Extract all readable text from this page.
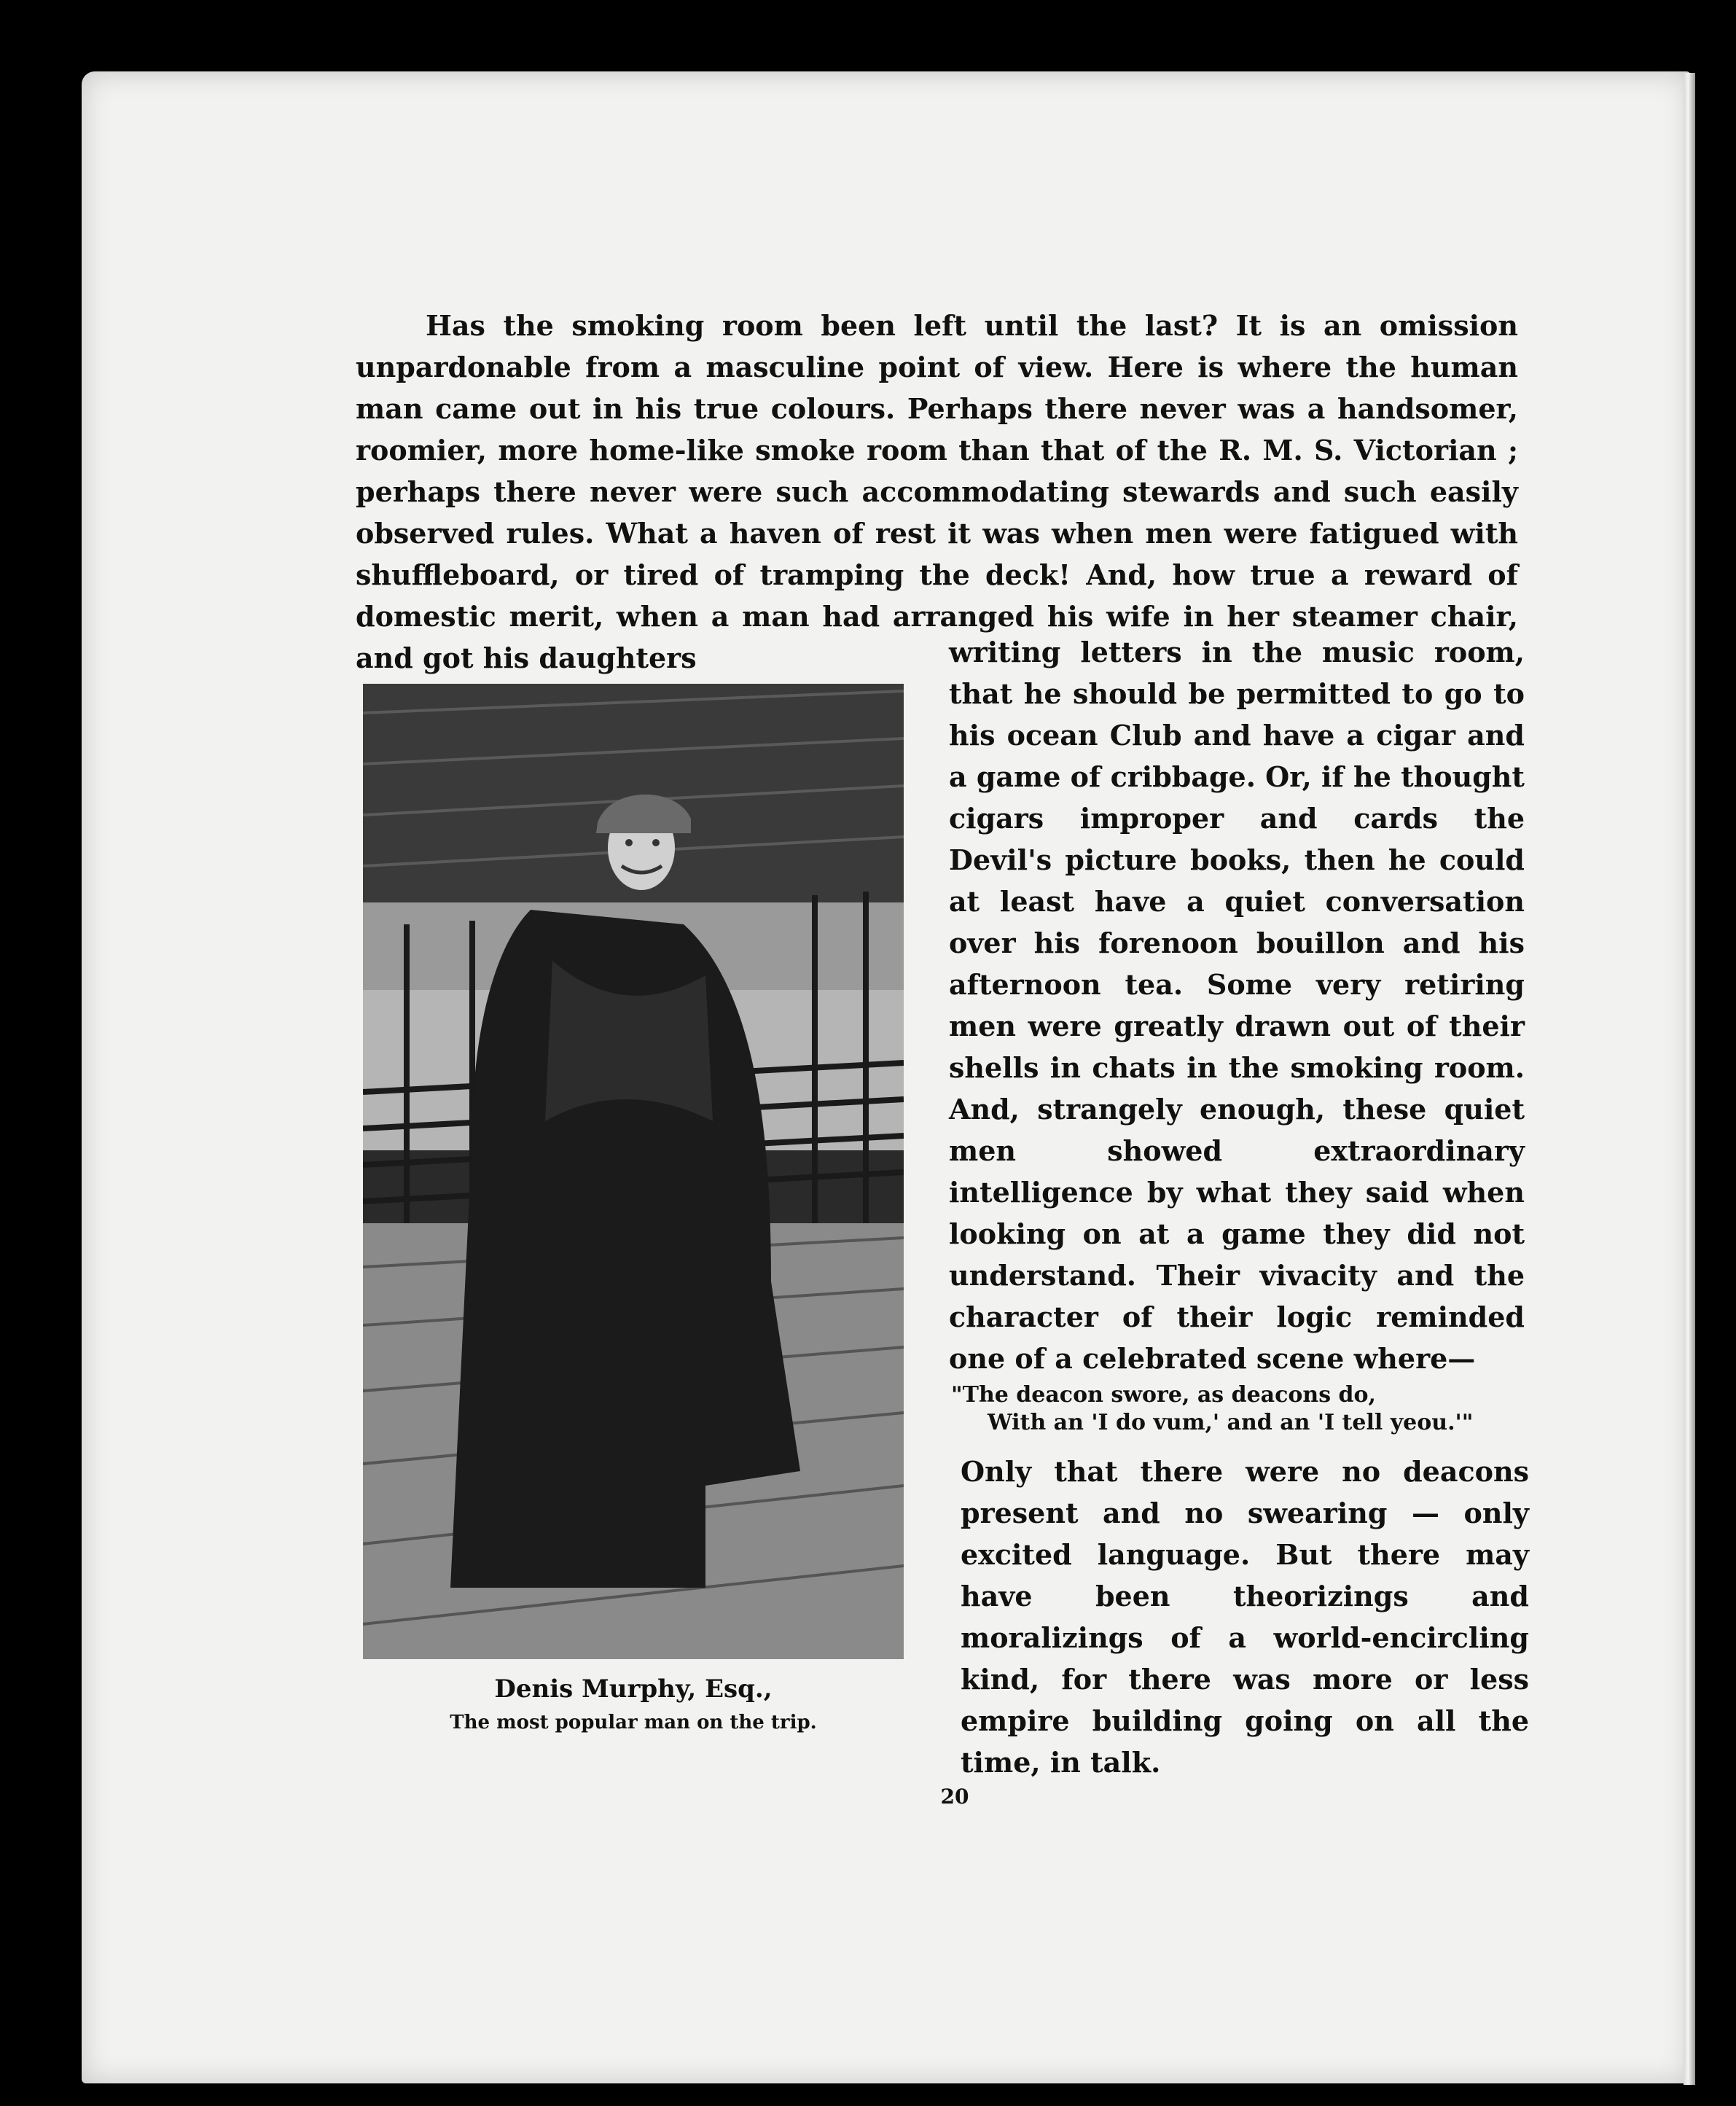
Has the smoking room been left until the last? It is an omission unpardonable from a masculine point of view. Here is where the human man came out in his true colours. Perhaps there never was a handsomer, roomier, more home-like smoke room than that of the R. M. S. Victorian ; perhaps there never were such accommodating stewards and such easily observed rules. What a haven of rest it was when men were fatigued with shuffleboard, or tired of tramping the deck! And, how true a reward of domestic merit, when a man had arranged his wife in her steamer chair, and got his daughters	writing letters in the music room, that he should be permitted to go to his ocean Club and have a cigar and a game of cribbage. Or, if he thought cigars improper and cards the Devil's picture books, then he could at least have a quiet conversation over his forenoon bouillon and his afternoon tea. Some very retiring men were greatly drawn out of their shells in chats in the smoking room. And, strangely enough, these quiet men showed extraordinary intelligence by what they said when looking on at a game they did not understand. Their vivacity and the character of their logic reminded one of a celebrated scene where—

"The deacon swore, as deacons do,
With an 'I do vum,' and an 'I tell yeou.'"

Only that there were no deacons present and no swearing — only excited language. But there may have been theorizings and moralizings of a world-encircling kind, for there was more or less empire building going on all the time, in talk.

Denis Murphy, Esq.,
The most popular man on the trip.
20
